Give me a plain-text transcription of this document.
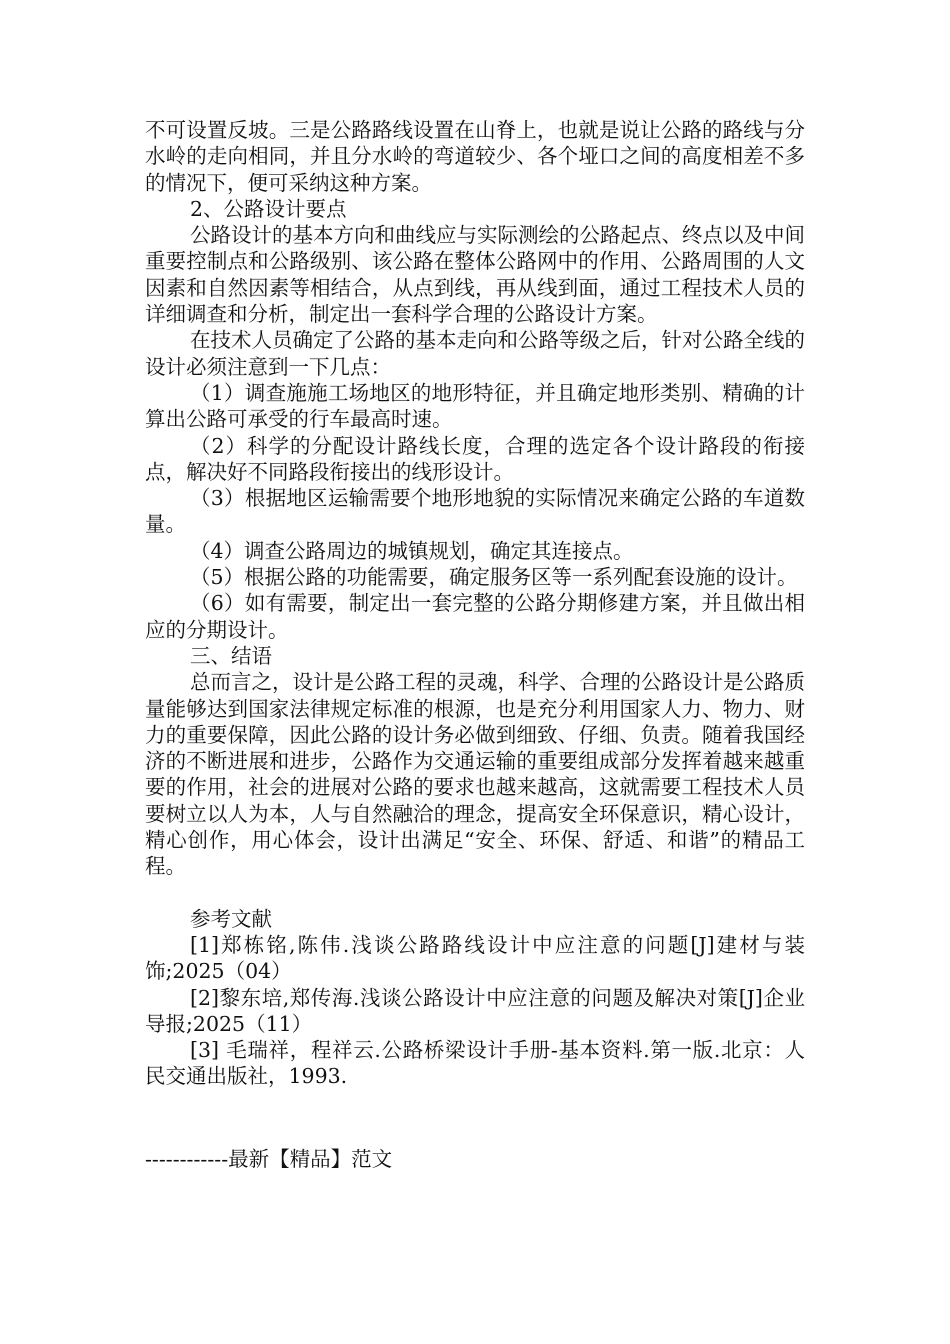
不可设置反坡。三是公路路线设置在山脊上，也就是说让公路的路线与分水岭的走向相同，并且分水岭的弯道较少、各个垭口之间的高度相差不多的情况下，便可采纳这种方案。

2、公路设计要点

公路设计的基本方向和曲线应与实际测绘的公路起点、终点以及中间重要控制点和公路级别、该公路在整体公路网中的作用、公路周围的人文因素和自然因素等相结合，从点到线，再从线到面，通过工程技术人员的详细调查和分析，制定出一套科学合理的公路设计方案。

在技术人员确定了公路的基本走向和公路等级之后，针对公路全线的设计必须注意到一下几点：

（1）调查施施工场地区的地形特征，并且确定地形类别、精确的计算出公路可承受的行车最高时速。

（2）科学的分配设计路线长度，合理的选定各个设计路段的衔接点，解决好不同路段衔接出的线形设计。

（3）根据地区运输需要个地形地貌的实际情况来确定公路的车道数量。

（4）调查公路周边的城镇规划，确定其连接点。

（5）根据公路的功能需要，确定服务区等一系列配套设施的设计。

（6）如有需要，制定出一套完整的公路分期修建方案，并且做出相应的分期设计。

三、结语

总而言之，设计是公路工程的灵魂，科学、合理的公路设计是公路质量能够达到国家法律规定标准的根源，也是充分利用国家人力、物力、财力的重要保障，因此公路的设计务必做到细致、仔细、负责。随着我国经济的不断进展和进步，公路作为交通运输的重要组成部分发挥着越来越重要的作用，社会的进展对公路的要求也越来越高，这就需要工程技术人员要树立以人为本，人与自然融洽的理念，提高安全环保意识，精心设计，精心创作，用心体会，设计出满足“安全、环保、舒适、和谐”的精品工程。

参考文献

[1]郑栋铭,陈伟.浅谈公路路线设计中应注意的问题[J]建材与装饰;2025（04）

[2]黎东培,郑传海.浅谈公路设计中应注意的问题及解决对策[J]企业导报;2025（11）

[3] 毛瑞祥，程祥云.公路桥梁设计手册-基本资料.第一版.北京：人民交通出版社，1993.

------------最新【精品】范文
